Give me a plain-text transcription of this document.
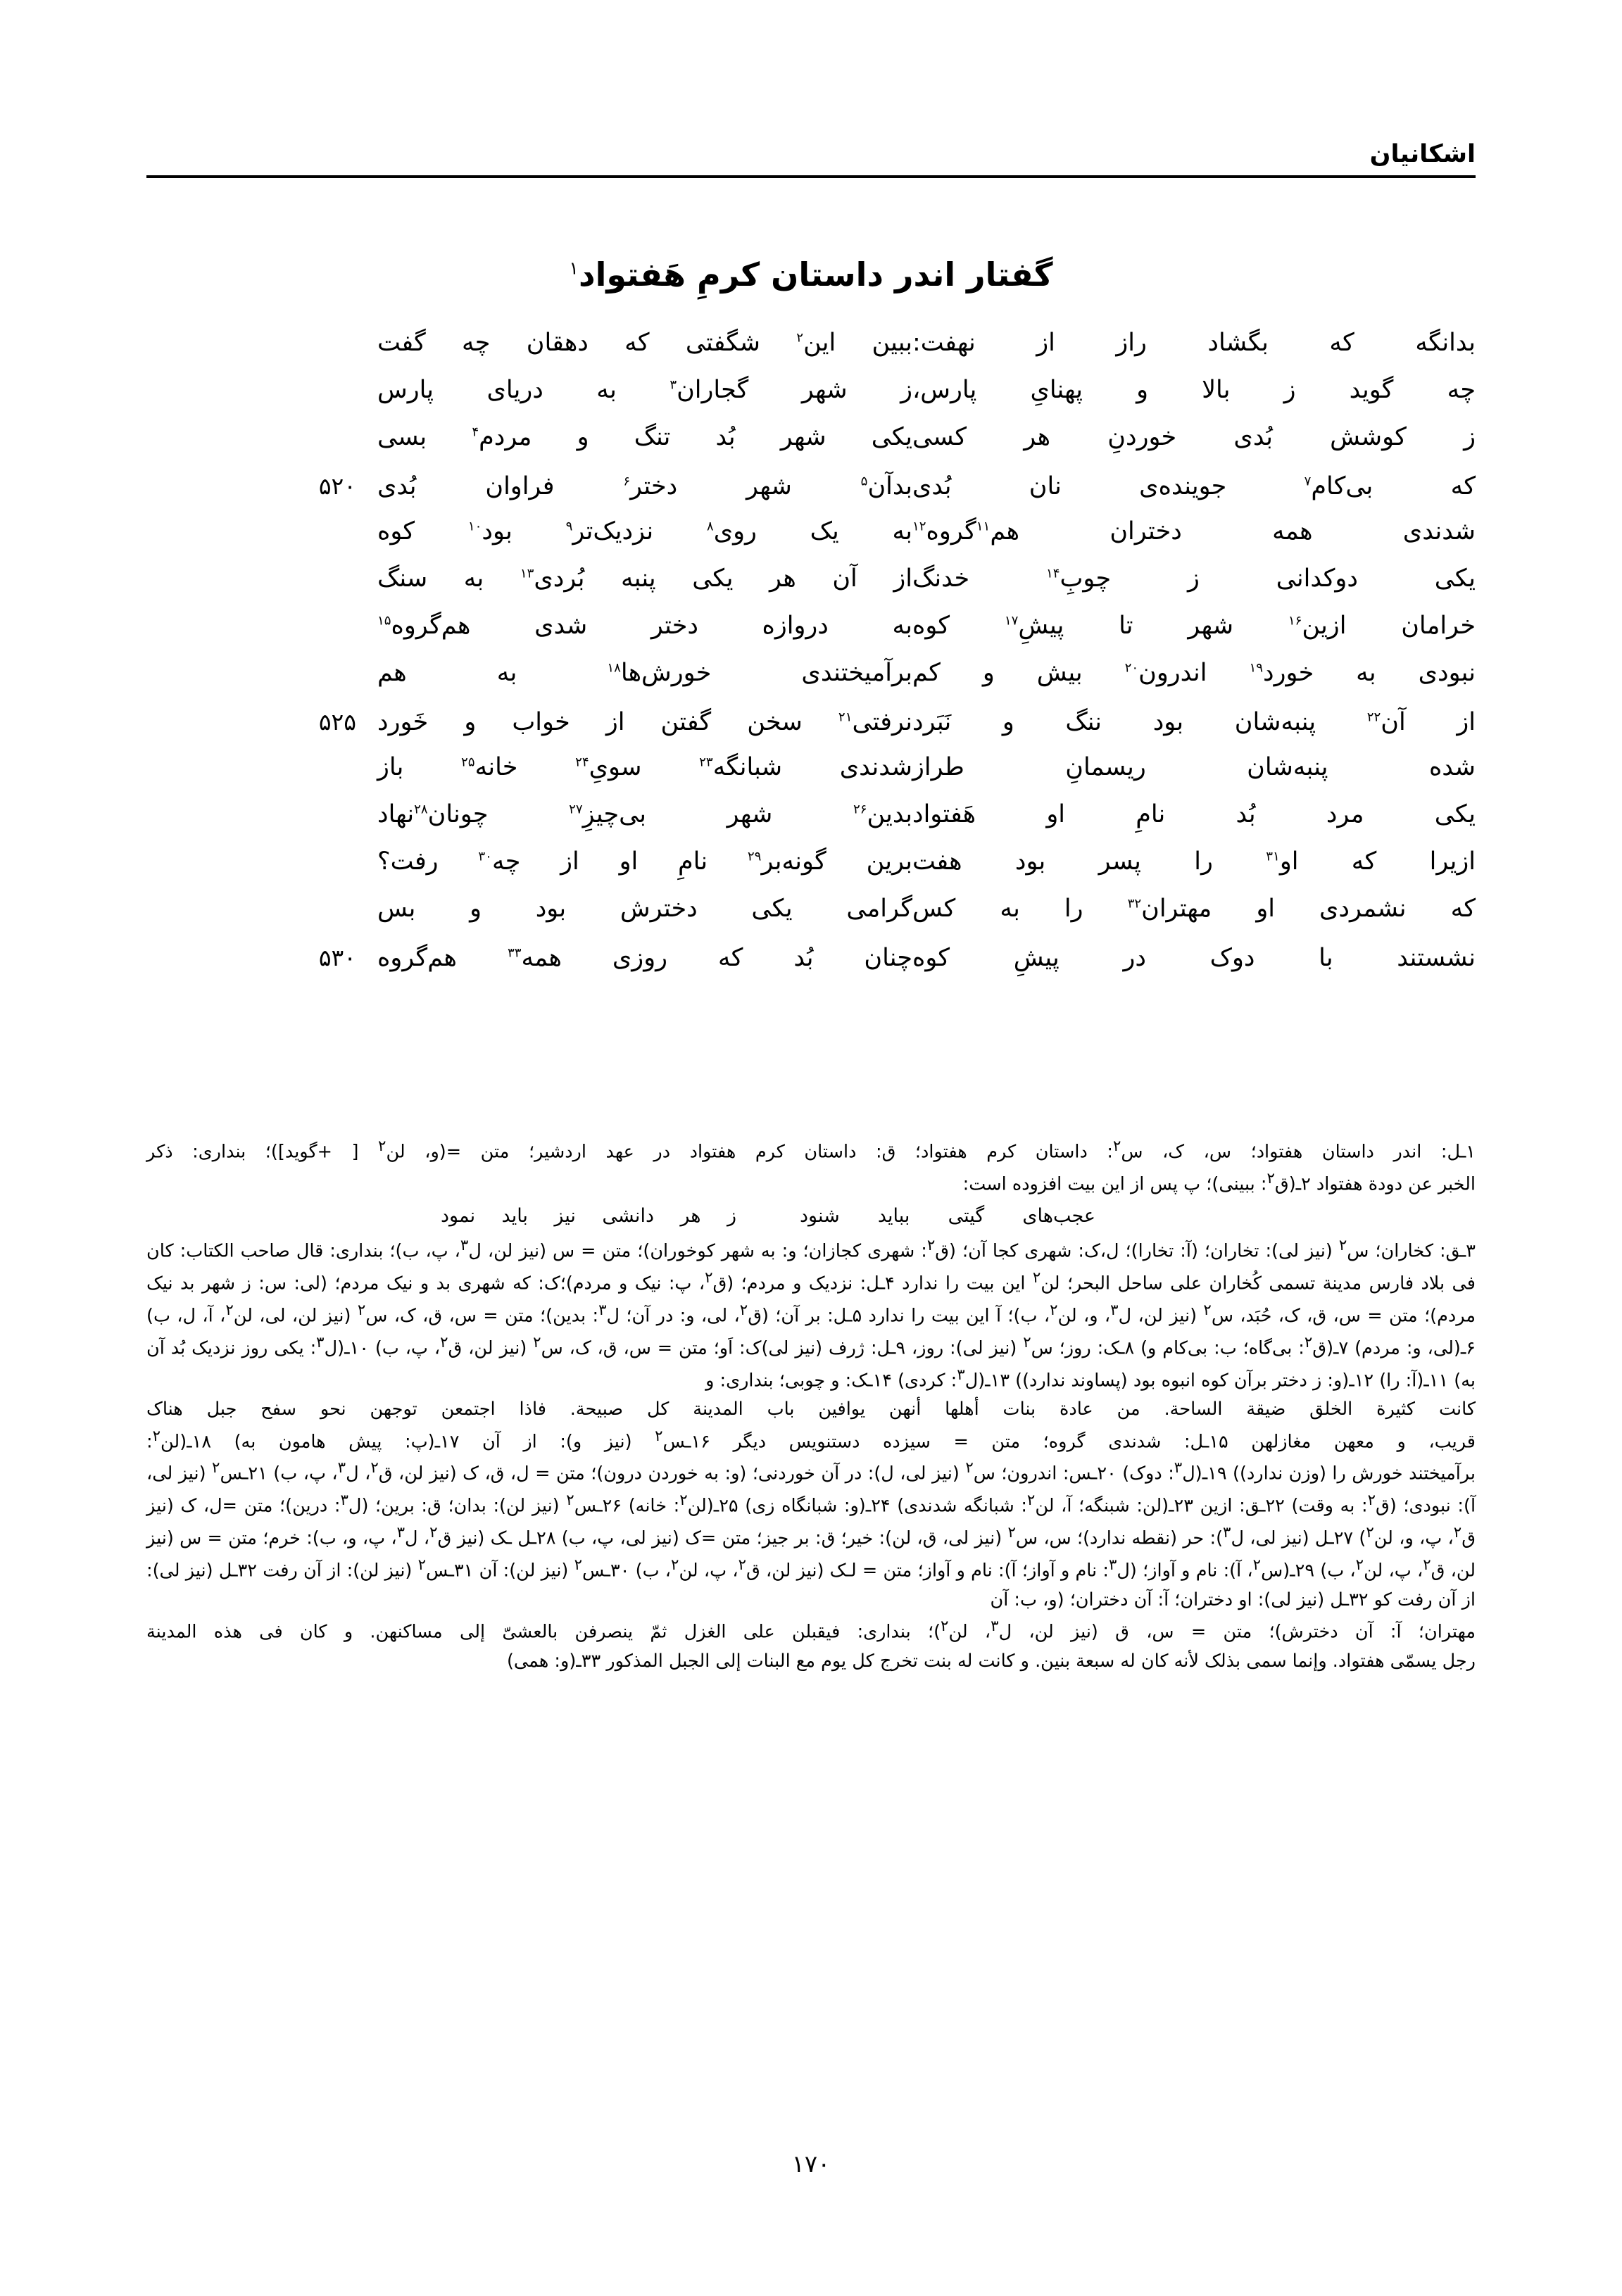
اشکانیان
گفتار اندر داستان کرمِ هَفتواد$^۱$
بدانگه که بگشاد راز از نهفت:
ببین این$^۲$ شگفتی که دهقان چه گفت
چه گوید ز بالا و پهنایِ پارس،
ز شهر گجاران$^۳$ به دریای پارس
ز کوشش بُدی خوردنِ هر کسی
یکی شهر بُد تنگ و مردم$^۴$ بسی
که بی‌کام$^۷$ جوینده‌ی نان بُدی
بدآن$^۵$ شهر دختر$^۶$ فراوان بُدی
۵۲۰
شدندی همه دختران هم$^{۱۱}$گروه$^{۱۲}$
به یک روی$^۸$ نزدیک‌تر$^۹$ بود$^{۱۰}$ کوه
یکی دوکدانی ز چوبِ$^{۱۴}$ خدنگ
از آن هر یکی پنبه بُردی$^{۱۳}$ به سنگ
خرامان ازین$^{۱۶}$ شهر تا پیشِ$^{۱۷}$ کوه
به دروازه دختر شدی هم‌گروه$^{۱۵}$
نبودی به خورد$^{۱۹}$ اندرون$^{۲۰}$ بیش و کم
برآمیختندی خورش‌ها$^{۱۸}$ به هم
از آن$^{۲۲}$ پنبه‌شان بود ننگ و نَبَرد
نرفتی$^{۲۱}$ سخن گفتن از خواب و خَورد
۵۲۵
شده پنبه‌شان ریسمانِ طراز
شدندی شبانگه$^{۲۳}$ سویِ$^{۲۴}$ خانه$^{۲۵}$ باز
یکی مرد بُد نامِ او هَفتواد
بدین$^{۲۶}$ شهر بی‌چیزِ$^{۲۷}$ چونان$^{۲۸}$نهاد
ازیرا که او$^{۳۱}$ را پسر بود هفت
برین گونه‌بر$^{۲۹}$ نامِ او از چه$^{۳۰}$ رفت؟
که نشمردی او مهتران$^{۳۲}$ را به کس
گرامی یکی دخترش بود و بس
نشستند با دوک در پیشِ کوه
چنان بُد که روزی همه$^{۳۳}$ هم‌گروه
۵۳۰

۱ـل: اندر داستان هفتواد؛ س، ک، س$^۲$: داستان کرم هفتواد؛ ق: داستان کرم هفتواد در عهد اردشیر؛ متن =(و، لن$^۲$ [ +گوید])؛ بنداری: ذکر

الخبر عن دودة هفتواد ۲ـ(ق$^۲$: ببینی)؛ پ پس از این بیت افزوده است:

عجب‌های گیتی بباید شنود
ز هر دانشی نیز باید نمود

۳ـق: کخاران؛ س$^۲$ (نیز لی): تخاران؛ (آ: تخارا)؛ ل،ک: شهری کجا آن؛ (ق$^۲$: شهری کجازان؛ و: به شهر کوخوران)؛ متن = س (نیز لن، ل$^۳$، پ، ب)؛ بنداری: قال صاحب الکتاب: کان فی بلاد فارس مدینة تسمی کُخاران علی ساحل البحر؛ لن$^۲$ این بیت را ندارد ۴ـل: نزدیک و مردم؛ (ق$^۲$، پ: نیک و مردم)؛ک: که شهری بد و نیک مردم؛ (لی: س: ز شهر بد نیک مردم)؛ متن = س، ق، ک، حُبَد، س$^۲$ (نیز لن، ل$^۳$، و، لن$^۲$، ب)؛ آ این بیت را ندارد ۵ـل: بر آن؛ (ق$^۲$، لی، و: در آن؛ ل$^۳$: بدین)؛ متن = س، ق، ک، س$^۲$ (نیز لن، لی، لن$^۲$، آ، ل، ب) ۶ـ(لی، و: مردم) ۷ـ(ق$^۲$: بی‌گاه؛ ب: بی‌کام و) ۸ـک: روز؛ س$^۲$ (نیز لی): روز، ۹ـل: ژرف (نیز لی)ک: اَو؛ متن = س، ق، ک، س$^۲$ (نیز لن، ق$^۲$، پ، ب) ۱۰ـ(ل$^۳$: یکی روز نزدیک بُد آن به) ۱۱ـ(آ: را) ۱۲ـ(و: ز دختر برآن کوه انبوه بود (پساوند ندارد)) ۱۳ـ(ل$^۳$: کردی) ۱۴ـک: و چوبی؛ بنداری: و

کانت کثیرة الخلق ضیقة الساحة. من عادة بنات أهلها أنهن یوافین باب المدینة کل صبیحة. فاذا اجتمعن توجهن نحو سفح جبل هناک

قریب، و معهن مغازلهن ۱۵ـل: شدندی گروه؛ متن = سیزده دستنویس دیگر ۱۶ـس$^۲$ (نیز و): از آن ۱۷ـ(پ: پیش هامون به) ۱۸ـ(لن$^۲$:

برآمیختند خورش را (وزن ندارد)) ۱۹ـ(ل$^۳$: دوک) ۲۰ـس: اندرون؛ س$^۲$ (نیز لی، ل): در آن خوردنی؛ (و: به خوردن درون)؛ متن = ل، ق، ک (نیز لن، ق$^۲$، ل$^۳$، پ، ب) ۲۱ـس$^۲$ (نیز لی، آ): نبودی؛ (ق$^۲$: به وقت) ۲۲ـق: ازین ۲۳ـ(لن: شبنگه؛ آ، لن$^۲$: شبانگه شدندی) ۲۴ـ(و: شبانگاه زی) ۲۵ـ(لن$^۲$: خانه) ۲۶ـس$^۲$ (نیز لن): بدان؛ ق: برین؛ (ل$^۳$: درین)؛ متن =ل، ک (نیز ق$^۲$، پ، و، لن$^۲$) ۲۷ـل (نیز لی، ل$^۳$): حر (نقطه ندارد)؛ س، س$^۲$ (نیز لی، ق، لن): خیر؛ ق: بر جیز؛ متن =ک (نیز لی، پ، ب) ۲۸ـل ـک (نیز ق$^۲$، ل$^۳$، پ، و، ب): خرم؛ متن = س (نیز لن، ق$^۲$، پ، لن$^۲$، ب) ۲۹ـ(س$^۲$، آ): نام و آواز؛ (ل$^۳$: نام و آواز؛ آ): نام و آواز؛ متن = لـک (نیز لن، ق$^۲$، پ، لن$^۲$، ب) ۳۰ـس$^۲$ (نیز لن): آن ۳۱ـس$^۲$ (نیز لن): از آن رفت ۳۲ـل (نیز لی): از آن رفت کو ۳۲ـل (نیز لی): او دختران؛ آ: آن دختران؛ (و، ب: آن

مهتران؛ آ: آن دخترش)؛ متن = س، ق (نیز لن، ل$^۳$، لن$^۲$)؛ بنداری: فیقبلن علی الغزل ثمّ ینصرفن بالعشیّ إلی مساکنهن. و کان فی هذه المدینة

رجل یسمّی هفتواد. وإنما سمی بذلک لأنه کان له سبعة بنین. و کانت له بنت تخرج کل یوم مع البنات إلی الجبل المذکور ۳۳ـ(و: همی)

۱۷۰
